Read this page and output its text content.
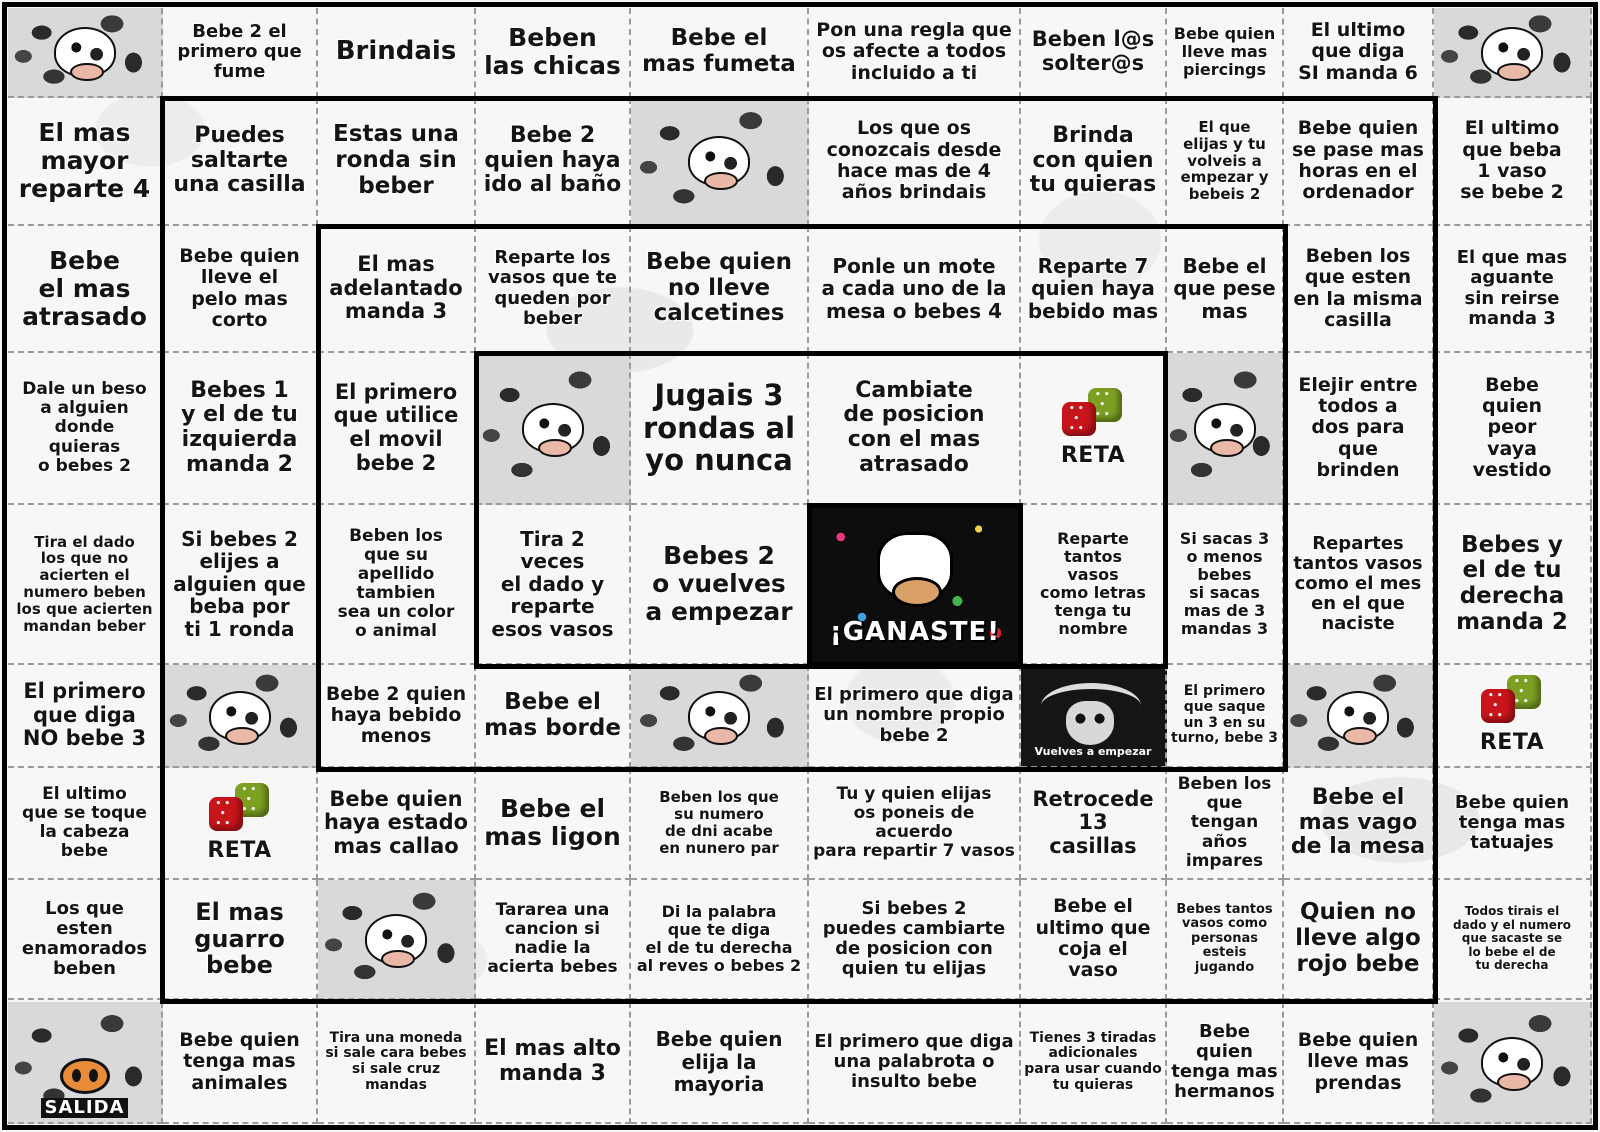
Bebe 2 el
primero que
fume
Brindais	Beben
las chicas
Bebe el
mas fumeta
Pon una regla que
os afecte a todos
incluido a ti
Beben l@s
solter@s
Bebe quien
lleve mas
piercings
El ultimo
que diga
SI manda 6
El mas
mayor
reparte 4
Bebe
el mas
atrasado
Dale un beso
a alguien
donde
quieras
o bebes 2
Tira el dado
los que no
acierten el
numero beben
los que acierten
mandan beber
El primero
que diga
NO bebe 3
El ultimo
que se toque
la cabeza
bebe
Los que
esten
enamorados
beben
El ultimo
que beba
1 vaso
se bebe 2
El que mas
aguante
sin reirse
manda 3
Bebe
quien
peor
vaya
vestido
Bebes y
el de tu
derecha
manda 2
• •

• •

RETA
Bebe quien
tenga mas
tatuajes
Todos tirais el
dado y el numero
que sacaste se
lo bebe el de
tu derecha
SALIDA
Bebe quien
tenga mas
animales
Tira una moneda
si sale cara bebes
si sale cruz mandas
El mas alto
manda 3
Bebe quien
elija la
mayoria
El primero que diga
una palabrota o
insulto bebe
Tienes 3 tiradas
adicionales
para usar cuando
tu quieras
Bebe quien
tenga mas
hermanos
Bebe quien
lleve mas
prendas
Puedes
saltarte
una casilla
Estas una
ronda sin
beber
Bebe 2
quien haya
ido al baño
Los que os
conozcais desde
hace mas de 4
años brindais
Brinda
con quien
tu quieras
El que
elijas y tu
volveis a
empezar y
bebeis 2
Bebe quien
se pase mas
horas en el
ordenador
Bebe quien
lleve el
pelo mas
corto
Bebes 1
y el de tu
izquierda
manda 2
Si bebes 2
elijes a
alguien que
beba por
ti 1 ronda
• •

• •

RETA
Beben los
que esten
en la misma
casilla
Elejir entre
todos a
dos para
que
brinden
Repartes
tantos vasos
como el mes
en el que
naciste
Bebe el
mas vago
de la mesa
Bebe quien
haya estado
mas callao
Bebe el
mas ligon
Beben los que
su numero
de dni acabe
en nunero par
Tu y quien elijas
os poneis de acuerdo
para repartir 7 vasos
Retrocede
13
casillas
Beben los
que tengan
años
impares
El mas
guarro
bebe
Tararea una
cancion si
nadie la
acierta bebes
Di la palabra
que te diga
el de tu derecha
al reves o bebes 2
Si bebes 2
puedes cambiarte
de posicion con
quien tu elijas
Bebe el
ultimo que
coja el
vaso
Bebes tantos
vasos como
personas esteis
jugando
Quien no
lleve algo
rojo bebe
El mas
adelantado
manda 3
Reparte los
vasos que te
queden por
beber
Bebe quien
no lleve
calcetines
Ponle un mote
a cada uno de la
mesa o bebes 4
Reparte 7
quien haya
bebido mas
Bebe el
que pese
mas
El primero
que utilice
el movil
bebe 2
Beben los
que su
apellido
tambien
sea un color
o animal
Bebe 2 quien
haya bebido
menos
Si sacas 3
o menos
bebes
si sacas
mas de 3
mandas 3
El primero
que saque
un 3 en su
turno, bebe 3
Bebe el
mas borde
El primero que diga
un nombre propio
bebe 2
Vuelves a empezar
Jugais 3
rondas al
yo nunca
Cambiate
de posicion
con el mas
atrasado
• •

• •	RETA
Tira 2
veces
el dado y
reparte
esos vasos
Bebes 2
o vuelves
a empezar
¡GANASTE!
Reparte
tantos
vasos
como letras
tenga tu
nombre
